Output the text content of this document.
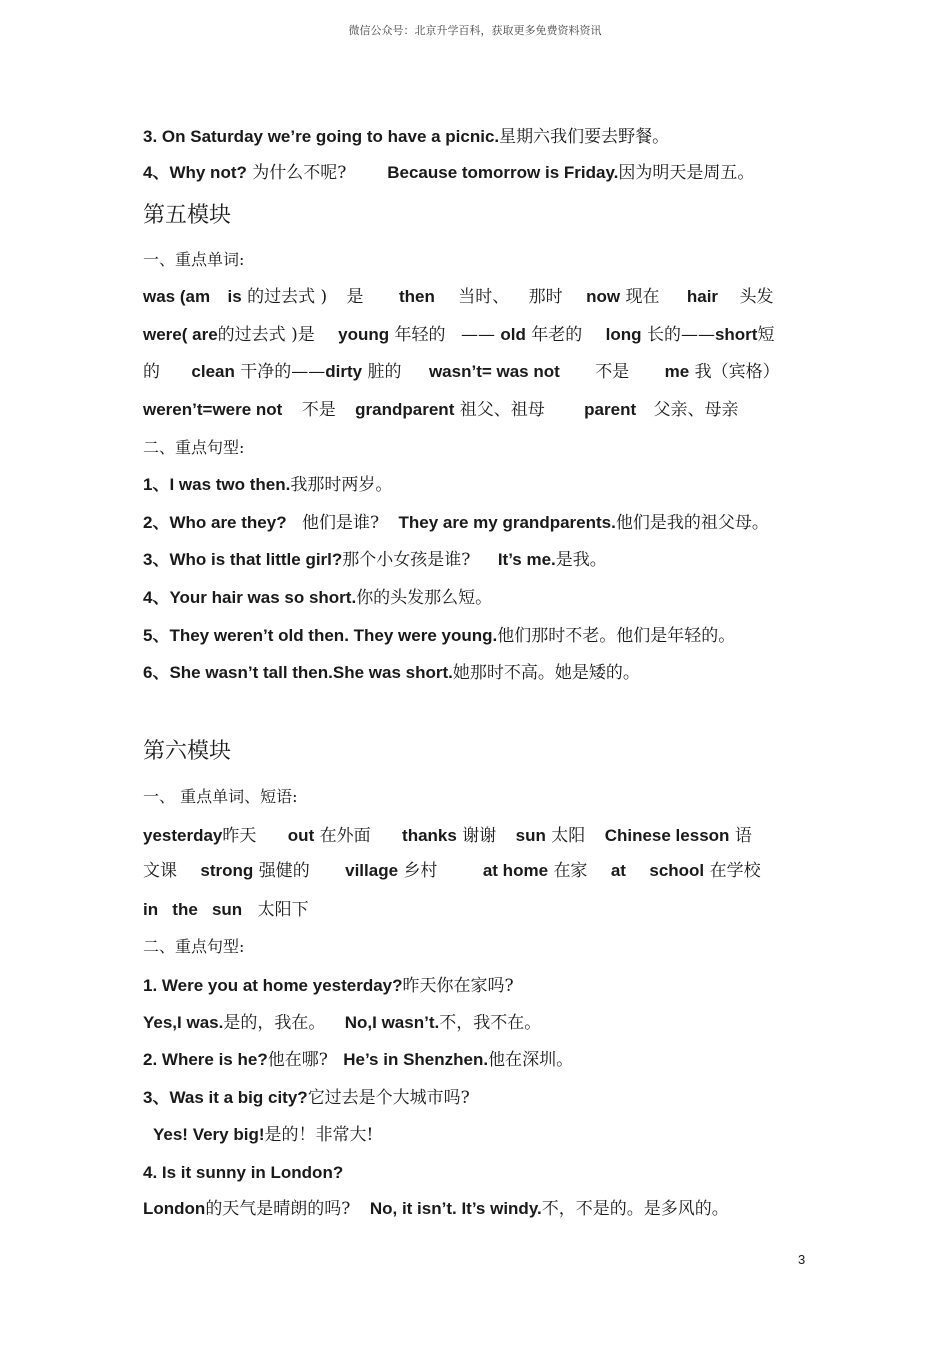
微信公众号：北京升学百科，获取更多免费资料资讯
3. On Saturday we’re going to have a picnic.星期六我们要去野餐。
4、Why not? 为什么不呢? Because tomorrow is Friday.因为明天是周五。
第五模块
一、重点单词:
was (am is 的过去式 ) 是 then 当时、 那时 now 现在 hair 头发
were( are的过去式 )是 young 年轻的 —— old 年老的 long 长的——short短
的 clean 干净的——dirty 脏的 wasn’t= was not 不是 me 我（宾格）
weren’t=were not 不是 grandparent 祖父、祖母 parent 父亲、母亲
二、重点句型:
1、I was two then.我那时两岁。
2、Who are they? 他们是谁? They are my grandparents.他们是我的祖父母。
3、Who is that little girl?那个小女孩是谁? It’s me.是我。
4、Your hair was so short.你的头发那么短。
5、They weren’t old then. They were young.他们那时不老。他们是年轻的。
6、She wasn’t tall then.She was short.她那时不高。她是矮的。
第六模块
一、 重点单词、短语:
yesterday昨天 out 在外面 thanks 谢谢 sun 太阳 Chinese lesson 语
文课 strong 强健的 village 乡村	at home 在家 at school 在学校
in   the   sun 太阳下
二、重点句型:
1. Were you at home yesterday?昨天你在家吗?
Yes,I was.是的，我在。 No,I wasn’t.不，我不在。
2. Where is he?他在哪? He’s in Shenzhen.他在深圳。
3、Was it a big city?它过去是个大城市吗?
Yes! Very big!是的！非常大!
4. Is it sunny in London?
London的天气是晴朗的吗? No, it isn’t. It’s windy.不，不是的。是多风的。
3
